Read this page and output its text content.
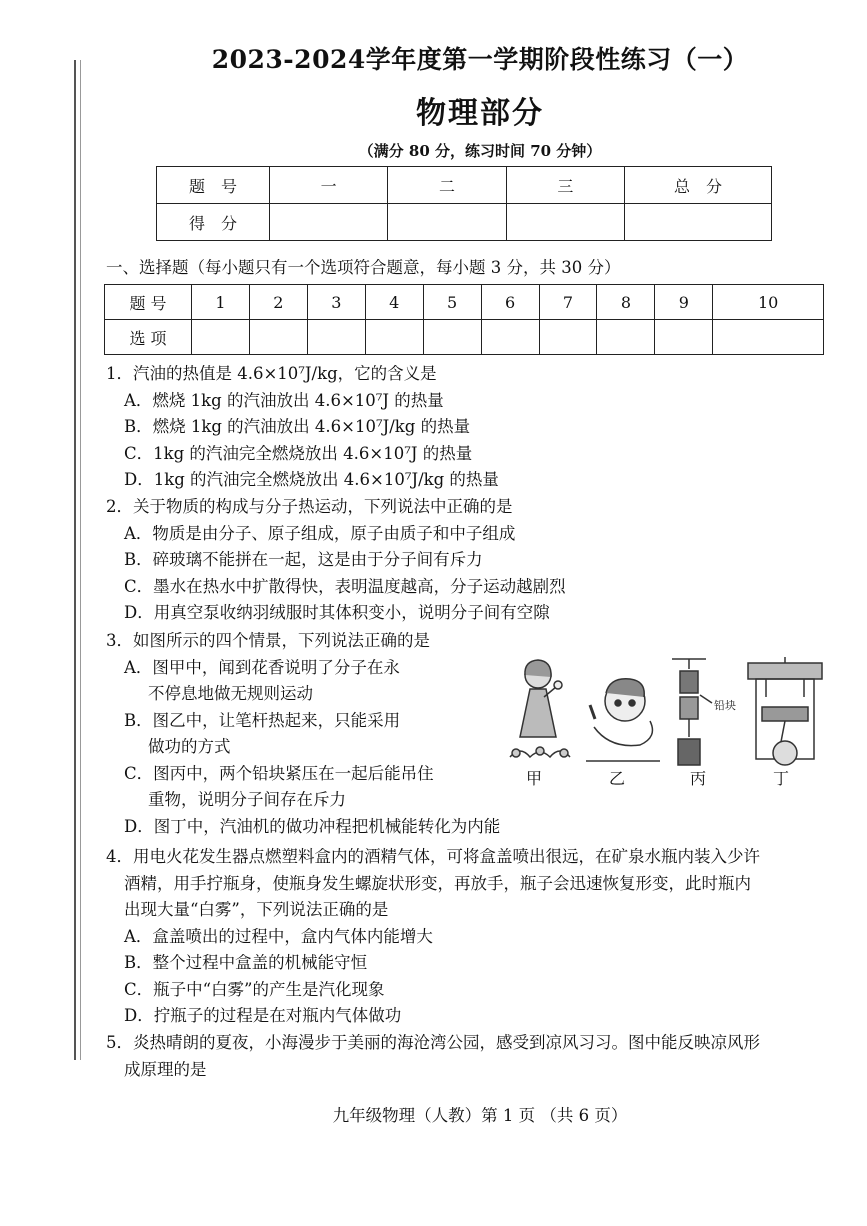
2023-2024学年度第一学期阶段性练习（一）
物理部分
（满分 80 分，练习时间 70 分钟）
题　号	一	二	三	总　分
得　分				
一、选择题（每小题只有一个选项符合题意，每小题 3 分，共 30 分）
题 号	1	2	3	4	5	6	7	8	9	10
选 项										

1．汽油的热值是 4.6×10⁷J/kg，它的含义是

A．燃烧 1kg 的汽油放出 4.6×10⁷J 的热量

B．燃烧 1kg 的汽油放出 4.6×10⁷J/kg 的热量

C．1kg 的汽油完全燃烧放出 4.6×10⁷J 的热量

D．1kg 的汽油完全燃烧放出 4.6×10⁷J/kg 的热量

2．关于物质的构成与分子热运动，下列说法中正确的是

A．物质是由分子、原子组成，原子由质子和中子组成

B．碎玻璃不能拼在一起，这是由于分子间有斥力

C．墨水在热水中扩散得快，表明温度越高，分子运动越剧烈

D．用真空泵收纳羽绒服时其体积变小，说明分子间有空隙

3．如图所示的四个情景，下列说法正确的是

A．图甲中，闻到花香说明了分子在永

不停息地做无规则运动

B．图乙中，让笔杆热起来，只能采用

做功的方式

C．图丙中，两个铅块紧压在一起后能吊住

重物，说明分子间存在斥力

D．图丁中，汽油机的做功冲程把机械能转化为内能

铅块
甲	乙	丙	丁

4．用电火花发生器点燃塑料盒内的酒精气体，可将盒盖喷出很远，在矿泉水瓶内装入少许

酒精，用手拧瓶身，使瓶身发生螺旋状形变，再放手，瓶子会迅速恢复形变，此时瓶内

出现大量“白雾”，下列说法正确的是

A．盒盖喷出的过程中，盒内气体内能增大

B．整个过程中盒盖的机械能守恒

C．瓶子中“白雾”的产生是汽化现象

D．拧瓶子的过程是在对瓶内气体做功

5．炎热晴朗的夏夜，小海漫步于美丽的海沧湾公园，感受到凉风习习。图中能反映凉风形

成原理的是

九年级物理（人教）第 1 页 （共 6 页）
